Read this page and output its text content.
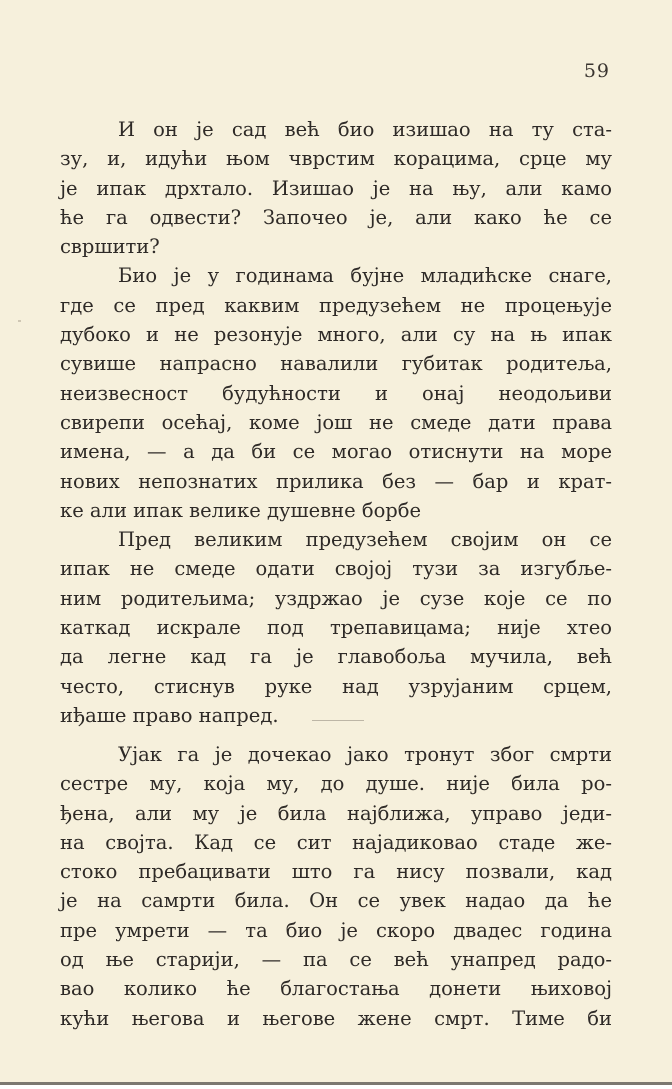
59
И он је сад већ био изишао на ту ста-
зу, и, идући њом чврстим корацима, срце му
је ипак дрхтало. Изишао је на њу, али камо
ће га одвести? Започео је, али како ће се
свршити?
Био је у годинама бујне младићске снаге,
где се пред каквим предузећем не процењује
дубоко и не резонује много, али су на њ ипак
сувише напрасно навалили губитак родитеља,
неизвесност будућности и онај неодољиви
свирепи осећај, коме још не смеде дати права
имена, — а да би се могао отиснути на море
нових непознатих прилика без — бар и крат-
ке али ипак велике душевне борбе
Пред великим предузећем својим он се
ипак не смеде одати својој тузи за изгубље-
ним родитељима; уздржао је сузе које се по
каткад искрале под трепавицама; није хтео
да легне кад га је главобоља мучила, већ
често, стиснув руке над узрујаним срцем,
иђаше право напред.
Ујак га је дочекао јако тронут због смрти
сестре му, која му, до душе. није била ро-
ђена, али му је била најближа, управо једи-
на својта. Кад се сит најадиковао стаде же-
стоко пребацивати што га нису позвали, кад
је на самрти била. Он се увек надао да ће
пре умрети — та био је скоро двадес година
од ње старији, — па се већ унапред радо-
вао колико ће благостања донети њиховој
кући његова и његове жене смрт. Тиме би
